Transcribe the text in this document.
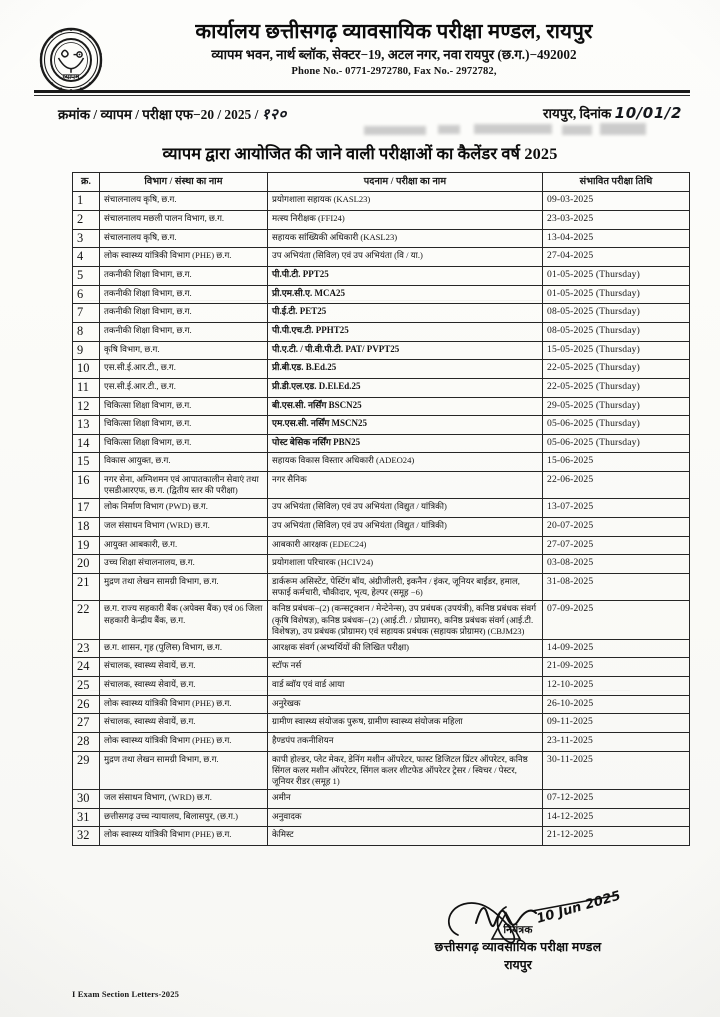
व्यापम
कार्यालय छत्तीसगढ़ व्यावसायिक परीक्षा मण्डल, रायपुर
व्यापम भवन, नार्थ ब्लॉक, सेक्टर−19, अटल नगर, नवा रायपुर (छ.ग.)−492002
Phone No.- 0771-2972780, Fax No.- 2972782,
क्रमांक / व्यापम / परीक्षा एफ−20 / 2025 / १२०	रायपुर, दिनांक 10/01/2
व्यापम द्वारा आयोजित की जाने वाली परीक्षाओं का कैलेंडर वर्ष 2025
क्र.	विभाग / संस्था का नाम	पदनाम / परीक्षा का नाम	संभावित परीक्षा तिथि
1	संचालनालय कृषि, छ.ग.	प्रयोगशाला सहायक (KASL23)	09-03-2025
2	संचालनालय मछली पालन विभाग, छ.ग.	मत्स्य निरीक्षक (FFI24)	23-03-2025
3	संचालनालय कृषि, छ.ग.	सहायक सांख्यिकी अधिकारी (KASL23)	13-04-2025
4	लोक स्वास्थ्य यांत्रिकी विभाग (PHE) छ.ग.	उप अभियंता (सिविल) एवं उप अभियंता (वि / या.)	27-04-2025
5	तकनीकी शिक्षा विभाग, छ.ग.	पी.पी.टी. PPT25	01-05-2025 (Thursday)
6	तकनीकी शिक्षा विभाग, छ.ग.	प्री.एम.सी.ए. MCA25	01-05-2025 (Thursday)
7	तकनीकी शिक्षा विभाग, छ.ग.	पी.ई.टी. PET25	08-05-2025 (Thursday)
8	तकनीकी शिक्षा विभाग, छ.ग.	पी.पी.एच.टी. PPHT25	08-05-2025 (Thursday)
9	कृषि विभाग, छ.ग.	पी.ए.टी. / पी.वी.पी.टी. PAT/ PVPT25	15-05-2025 (Thursday)
10	एस.सी.ई.आर.टी., छ.ग.	प्री.बी.एड. B.Ed.25	22-05-2025 (Thursday)
11	एस.सी.ई.आर.टी., छ.ग.	प्री.डी.एल.एड. D.El.Ed.25	22-05-2025 (Thursday)
12	चिकित्सा शिक्षा विभाग, छ.ग.	बी.एस.सी. नर्सिंग BSCN25	29-05-2025 (Thursday)
13	चिकित्सा शिक्षा विभाग, छ.ग.	एम.एस.सी. नर्सिंग MSCN25	05-06-2025 (Thursday)
14	चिकित्सा शिक्षा विभाग, छ.ग.	पोस्ट बेसिक नर्सिंग PBN25	05-06-2025 (Thursday)
15	विकास आयुक्त, छ.ग.	सहायक विकास विस्तार अधिकारी (ADEO24)	15-06-2025
16	नगर सेना, अग्निशमन एवं आपातकालीन सेवाएं तथा एसडीआरएफ, छ.ग. (द्वितीय स्तर की परीक्षा)	नगर सैनिक	22-06-2025
17	लोक निर्माण विभाग (PWD) छ.ग.	उप अभियंता (सिविल) एवं उप अभियंता (विद्युत / यांत्रिकी)	13-07-2025
18	जल संसाधन विभाग (WRD) छ.ग.	उप अभियंता (सिविल) एवं उप अभियंता (विद्युत / यांत्रिकी)	20-07-2025
19	आयुक्त आबकारी, छ.ग.	आबकारी आरक्षक (EDEC24)	27-07-2025
20	उच्च शिक्षा संचालनालय, छ.ग.	प्रयोगशाला परिचारक (HCIV24)	03-08-2025
21	मुद्रण तथा लेखन सामग्री विभाग, छ.ग.	डार्करूम असिस्टेंट, पेस्टिंग बॉय, अंग्रीजीलरी, इकनैन / इंकर, जूनियर बाईंडर, हमाल, सफाई कर्मचारी, चौकीदार, भृत्य, हेल्पर (समूह −6)	31-08-2025
22	छ.ग. राज्य सहकारी बैंक (अपेक्स बैंक) एवं 06 जिला सहकारी केन्द्रीय बैंक, छ.ग.	कनिष्ठ प्रबंधक−(2) (कन्सट्रक्शन / मेन्टेनेन्स), उप प्रबंधक (उपयंत्री), कनिष्ठ प्रबंधक संवर्ग (कृषि विशेषज्ञ), कनिष्ठ प्रबंधक−(2) (आई.टी. / प्रोग्रामर), कनिष्ठ प्रबंधक संवर्ग (आई.टी. विशेषज्ञ), उप प्रबंधक (प्रोग्रामर) एवं सहायक प्रबंधक (सहायक प्रोग्रामर) (CBJM23)	07-09-2025
23	छ.ग. शासन, गृह (पुलिस) विभाग, छ.ग.	आरक्षक संवर्ग (अभ्यर्थियों की लिखित परीक्षा)	14-09-2025
24	संचालक, स्वास्थ्य सेवायें, छ.ग.	स्टॉफ नर्स	21-09-2025
25	संचालक, स्वास्थ्य सेवायें, छ.ग.	वार्ड ब्वॉय एवं वार्ड आया	12-10-2025
26	लोक स्वास्थ्य यांत्रिकी विभाग (PHE) छ.ग.	अनुरेखक	26-10-2025
27	संचालक, स्वास्थ्य सेवायें, छ.ग.	ग्रामीण स्वास्थ्य संयोजक पुरूष, ग्रामीण स्वास्थ्य संयोजक महिला	09-11-2025
28	लोक स्वास्थ्य यांत्रिकी विभाग (PHE) छ.ग.	हैण्डपंप तकनीशियन	23-11-2025
29	मुद्रण तथा लेखन सामग्री विभाग, छ.ग.	कापी होल्डर, प्लेट मेकर, डेनिंग मशीन ऑपरेटर, फास्ट डिजिटल प्रिंटर ऑपरेटर, कनिष्ठ सिंगल कलर मशीन ऑपरेटर, सिंगल कलर शीटफेड ऑपरेटर ट्रेसर / स्विचर / पेस्टर, जूनियर रीडर (समूह 1)	30-11-2025
30	जल संसाधन विभाग, (WRD) छ.ग.	अमीन	07-12-2025
31	छत्तीसगढ़ उच्च न्यायालय, बिलासपुर, (छ.ग.)	अनुवादक	14-12-2025
32	लोक स्वास्थ्य यांत्रिकी विभाग (PHE) छ.ग.	केमिस्ट	21-12-2025
10 Jun 2025
नियंत्रक
छत्तीसगढ़ व्यावसायिक परीक्षा मण्डल
रायपुर
I Exam Section Letters-2025
